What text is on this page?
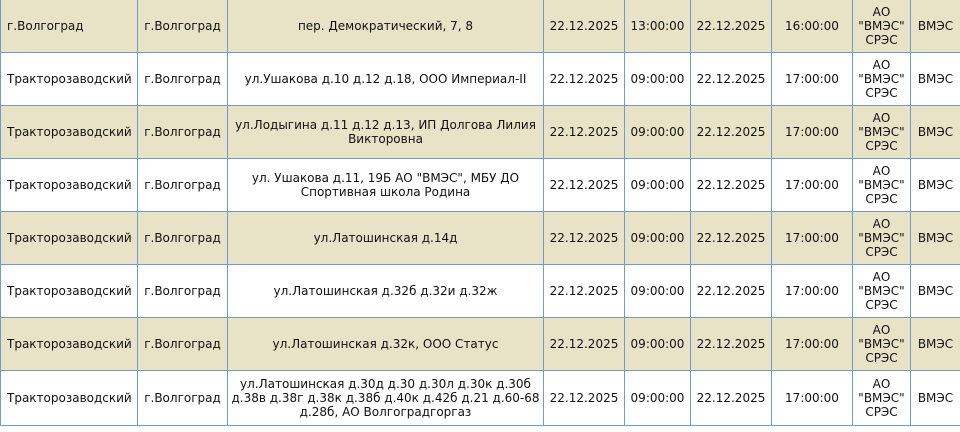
г.Волгоград	г.Волгоград	пер. Демократический, 7, 8	22.12.2025	13:00:00	22.12.2025	16:00:00	АО "ВМЭС" СРЭС	ВМЭС
Тракторозаводский	г.Волгоград	ул.Ушакова д.10 д.12 д.18, ООО Империал-II	22.12.2025	09:00:00	22.12.2025	17:00:00	АО "ВМЭС" СРЭС	ВМЭС
Тракторозаводский	г.Волгоград	ул.Лодыгина д.11 д.12 д.13, ИП Долгова Лилия Викторовна	22.12.2025	09:00:00	22.12.2025	17:00:00	АО "ВМЭС" СРЭС	ВМЭС
Тракторозаводский	г.Волгоград	ул. Ушакова д.11, 19Б АО "ВМЭС", МБУ ДО Спортивная школа Родина	22.12.2025	09:00:00	22.12.2025	17:00:00	АО "ВМЭС" СРЭС	ВМЭС
Тракторозаводский	г.Волгоград	ул.Латошинская д.14д	22.12.2025	09:00:00	22.12.2025	17:00:00	АО "ВМЭС" СРЭС	ВМЭС
Тракторозаводский	г.Волгоград	ул.Латошинская д.32б д.32и д.32ж	22.12.2025	09:00:00	22.12.2025	17:00:00	АО "ВМЭС" СРЭС	ВМЭС
Тракторозаводский	г.Волгоград	ул.Латошинская д.32к, ООО Статус	22.12.2025	09:00:00	22.12.2025	17:00:00	АО "ВМЭС" СРЭС	ВМЭС
Тракторозаводский	г.Волгоград	ул.Латошинская д.30д д.30 д.30л д.30к д.30б д.38в д.38г д.38к д.38б д.40к д.42б д.21 д.60-68 д.28б, АО Волгоградгоргаз	22.12.2025	09:00:00	22.12.2025	17:00:00	АО "ВМЭС" СРЭС	ВМЭС
